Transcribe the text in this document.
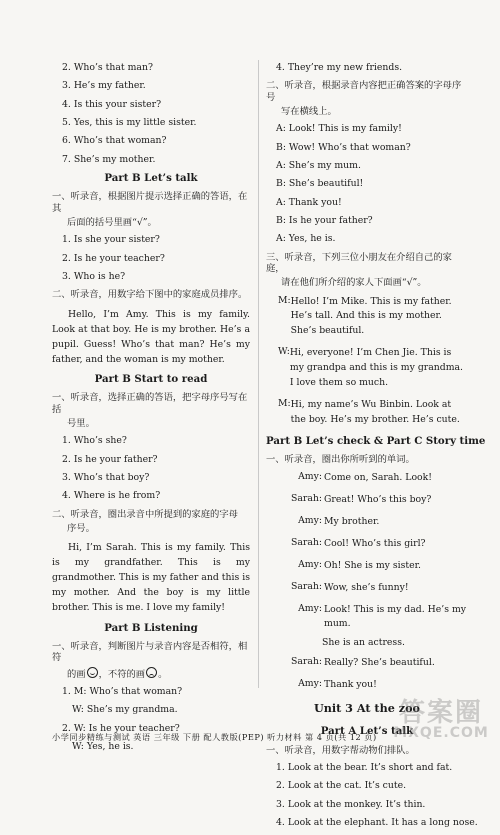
2. Who’s that man?
3. He’s my father.
4. Is this your sister?
5. Yes, this is my little sister.
6. Who’s that woman?
7. She’s my mother.
Part B Let’s talk
一、听录音，根据图片提示选择正确的答语，在其
后面的括号里画“√”。
1. Is she your sister?
2. Is he your teacher?
3. Who is he?
二、听录音，用数字给下图中的家庭成员排序。
Hello, I’m Amy. This is my family. Look at that boy. He is my brother. He’s a pupil. Guess! Who’s that man? He’s my father, and the woman is my mother.
Part B Start to read
一、听录音，选择正确的答语，把字母序号写在括
号里。
1. Who’s she?
2. Is he your father?
3. Who’s that boy?
4. Where is he from?
二、听录音，圈出录音中所提到的家庭的字母
序号。
Hi, I’m Sarah. This is my family. This is my grandfather. This is my grandmother. This is my father and this is my mother. And the boy is my little brother. This is me. I love my family!
Part B Listening
一、听录音，判断图片与录音内容是否相符，相符
的画 ，不符的画 。
1. M: Who’s that woman?
W: She’s my grandma.
2. W: Is he your teacher?
W: Yes, he is.
4. They’re my new friends.
二、听录音，根据录音内容把正确答案的字母序号
写在横线上。
A: Look! This is my family!
B: Wow! Who’s that woman?
A: She’s my mum.
B: She’s beautiful!
A: Thank you!
B: Is he your father?
A: Yes, he is.
三、听录音，下列三位小朋友在介绍自己的家庭，
请在他们所介绍的家人下面画“√”。
M: Hello! I’m Mike. This is my father. He’s tall. And this is my mother. She’s beautiful.
W: Hi, everyone! I’m Chen Jie. This is my grandpa and this is my grandma. I love them so much.
M: Hi, my name’s Wu Binbin. Look at the boy. He’s my brother. He’s cute.
Part B Let’s check & Part C Story time
一、听录音，圈出你所听到的单词。
Amy: Come on, Sarah. Look!
Sarah: Great! Who’s this boy?
Amy: My brother.
Sarah: Cool! Who’s this girl?
Amy: Oh! She is my sister.
Sarah: Wow, she’s funny!
Amy: Look! This is my dad. He’s my mum.
She is an actress.
Sarah: Really? She’s beautiful.
Amy: Thank you!
Unit 3 At the zoo
Part A Let’s talk
一、听录音，用数字帮动物们排队。
1. Look at the bear. It’s short and fat.
2. Look at the cat. It’s cute.
3. Look at the monkey. It’s thin.
4. Look at the elephant. It has a long nose.
小学同步精练与测试 英语 三年级 下册 配人教版(PEP) 听力材料 第 4 页(共 12 页)
答案圈
MXQE.COM
